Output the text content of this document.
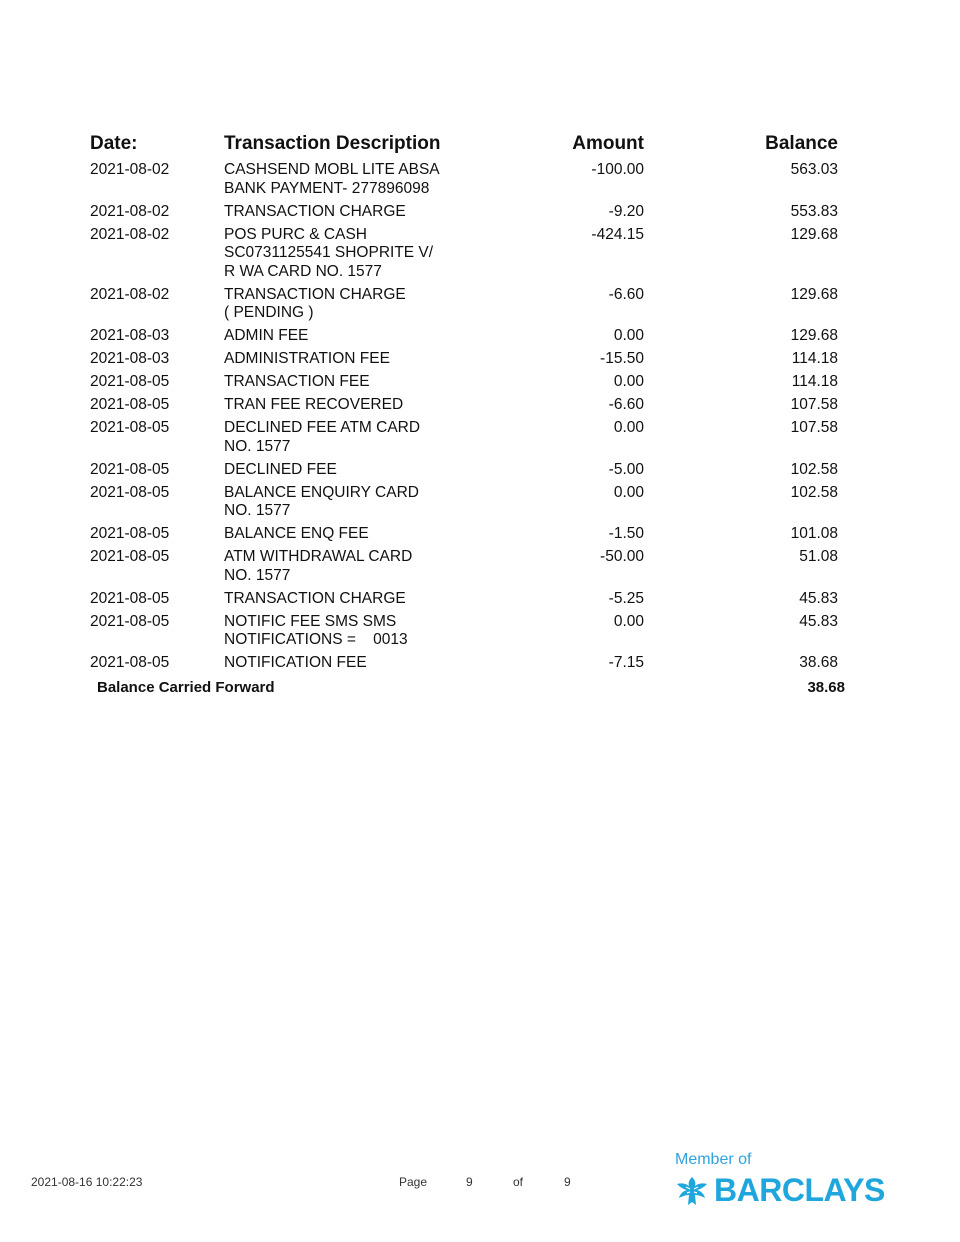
Date:	Transaction Description	Amount	Balance
2021-08-02	CASHSEND MOBL LITE ABSA
BANK PAYMENT- 277896098
-100.00	563.03
2021-08-02	TRANSACTION CHARGE	-9.20	553.83
2021-08-02	POS PURC & CASH
SC0731125541 SHOPRITE V/
R WA CARD NO. 1577
-424.15	129.68
2021-08-02	TRANSACTION CHARGE
( PENDING )
-6.60	129.68
2021-08-03	ADMIN FEE	0.00	129.68
2021-08-03	ADMINISTRATION FEE	-15.50	114.18
2021-08-05	TRANSACTION FEE	0.00	114.18
2021-08-05	TRAN FEE RECOVERED	-6.60	107.58
2021-08-05	DECLINED FEE ATM CARD
NO. 1577
0.00	107.58
2021-08-05	DECLINED FEE	-5.00	102.58
2021-08-05	BALANCE ENQUIRY CARD
NO. 1577
0.00	102.58
2021-08-05	BALANCE ENQ FEE	-1.50	101.08
2021-08-05	ATM WITHDRAWAL CARD
NO. 1577
-50.00	51.08
2021-08-05	TRANSACTION CHARGE	-5.25	45.83
2021-08-05	NOTIFIC FEE SMS SMS
NOTIFICATIONS =    0013
0.00	45.83
2021-08-05	NOTIFICATION FEE	-7.15	38.68
Balance Carried Forward	38.68
2021-08-16 10:22:23	Page	9	of	9
Member of
BARCLAYS
